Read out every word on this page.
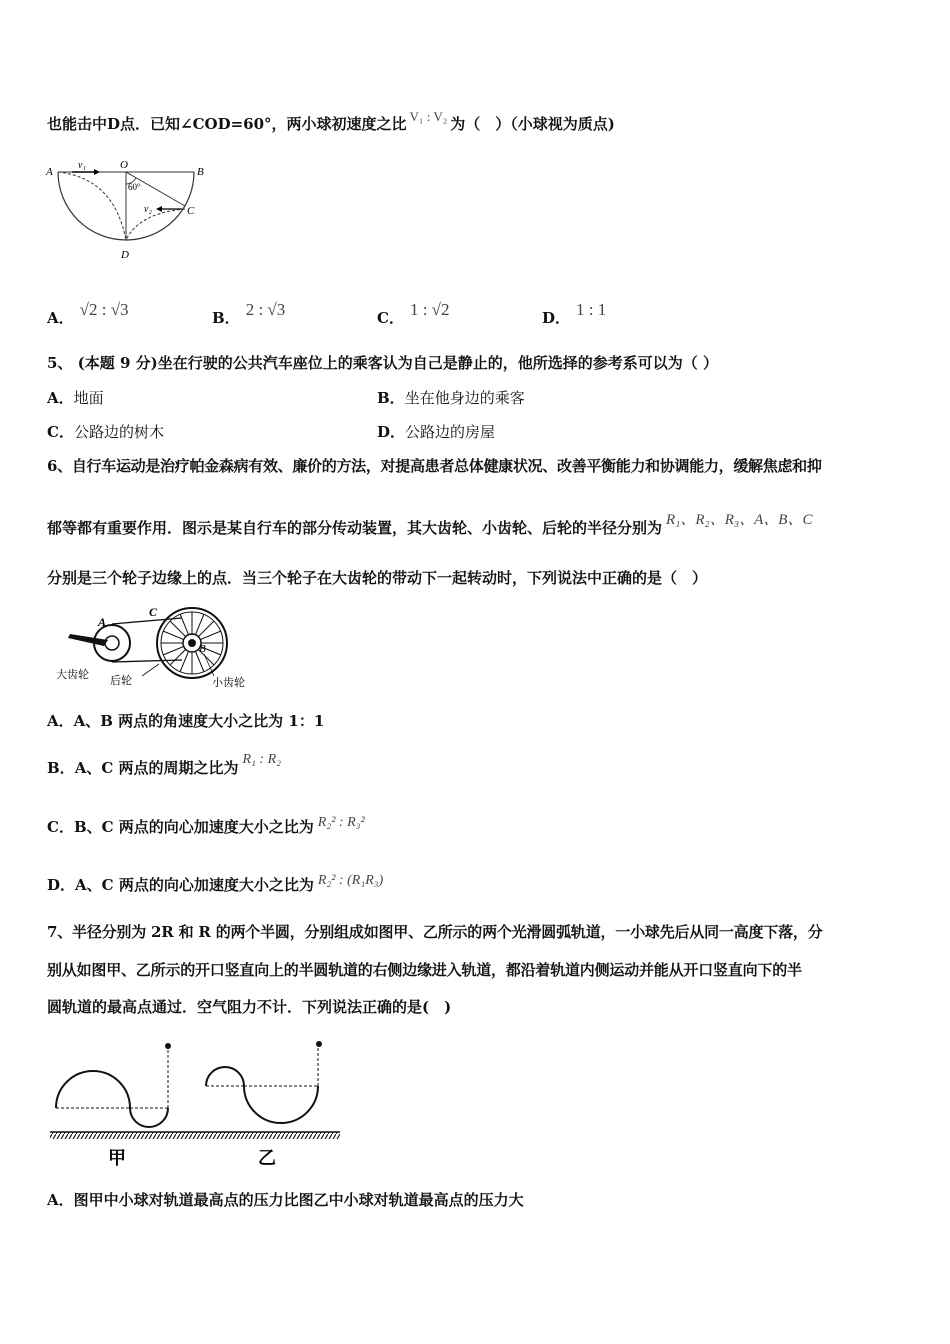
也能击中D点．已知∠COD=60°，两小球初速度之比 V₁ : V₂ 为（　）（小球视为质点)
A
O
B
C
D
v₁
v₂
60°
A． √2 : √3	B． 2 : √3	C． 1 : √2	D． 1 : 1
5、 (本题 9 分)坐在行驶的公共汽车座位上的乘客认为自己是静止的，他所选择的参考系可以为（ ）
A．地面	B．坐在他身边的乘客
C．公路边的树木	D．公路边的房屋
6、自行车运动是治疗帕金森病有效、廉价的方法，对提高患者总体健康状况、改善平衡能力和协调能力，缓解焦虑和抑
郁等都有重要作用．图示是某自行车的部分传动装置，其大齿轮、小齿轮、后轮的半径分别为 R₁、R₂、R₃、A、B、C
分别是三个轮子边缘上的点．当三个轮子在大齿轮的带动下一起转动时，下列说法中正确的是（　）
A
C
B
大齿轮 后轮	小齿轮
A．A、B 两点的角速度大小之比为 1：1
B．A、C 两点的周期之比为 R₁ : R₂
C．B、C 两点的向心加速度大小之比为 R₂² : R₃²
D．A、C 两点的向心加速度大小之比为 R₂² : (R₁R₃)
7、半径分别为 2R 和 R 的两个半圆，分别组成如图甲、乙所示的两个光滑圆弧轨道，一小球先后从同一高度下落，分
别从如图甲、乙所示的开口竖直向上的半圆轨道的右侧边缘进入轨道，都沿着轨道内侧运动并能从开口竖直向下的半
圆轨道的最高点通过．空气阻力不计．下列说法正确的是(　)
甲	乙
A．图甲中小球对轨道最高点的压力比图乙中小球对轨道最高点的压力大
